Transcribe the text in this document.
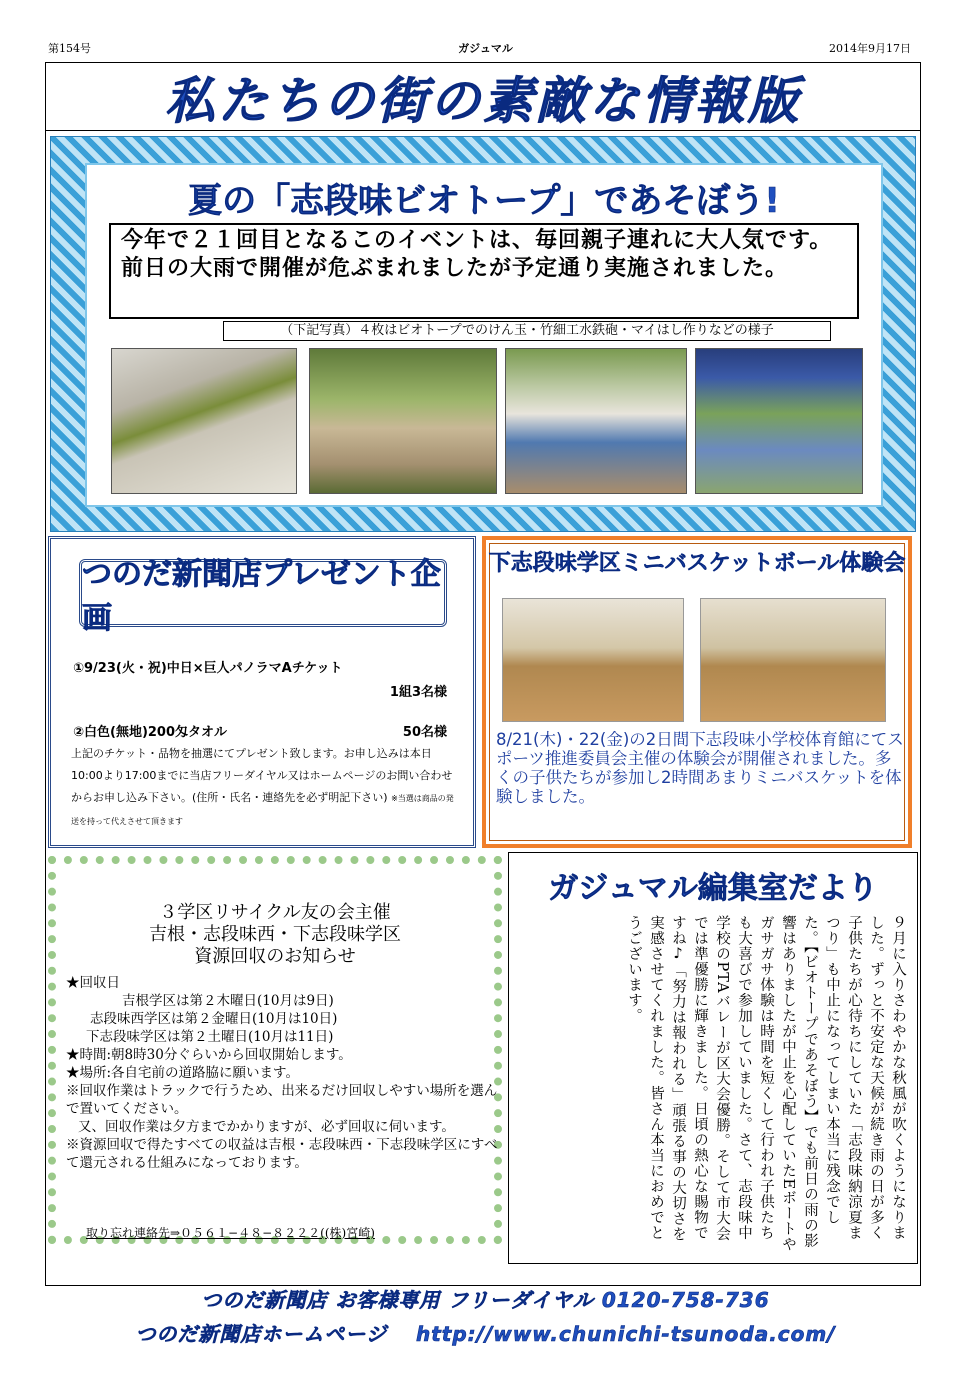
第154号	ガジュマル	2014年9月17日
私たちの街の素敵な情報版
夏の「志段味ビオトープ」であそぼう!
今年で２１回目となるこのイベントは、毎回親子連れに大人気です。前日の大雨で開催が危ぶまれましたが予定通り実施されました。
（下記写真）４枚はビオトープでのけん玉・竹細工水鉄砲・マイはし作りなどの様子
つのだ新聞店プレゼント企画
①9/23(火・祝)中日×巨人パノラマAチケット
1組3名様
②白色(無地)200匁タオル	50名様
上記のチケット・品物を抽選にてプレゼント致します。お申し込みは本日10:00より17:00までに当店フリーダイヤル又はホームページのお問い合わせからお申し込み下さい。(住所・氏名・連絡先を必ず明記下さい) ※当選は商品の発送を持って代えさせて頂きます
下志段味学区ミニバスケットボール体験会
8/21(木)・22(金)の2日間下志段味小学校体育館にてスポーツ推進委員会主催の体験会が開催されました。多くの子供たちが参加し2時間あまりミニバスケットを体験しました。
３学区リサイクル友の会主催
吉根・志段味西・下志段味学区
資源回収のお知らせ
★回収日
吉根学区は第２木曜日(10月は9日)
志段味西学区は第２金曜日(10月は10日)
下志段味学区は第２土曜日(10月は11日)
★時間:朝8時30分ぐらいから回収開始します。
★場所:各自宅前の道路脇に願います。
※回収作業はトラックで行うため、出来るだけ回収しやすい場所を選んで置いてください。
又、回収作業は夕方までかかりますが、必ず回収に伺います。
※資源回収で得たすべての収益は吉根・志段味西・下志段味学区にすべて還元される仕組みになっております。
取り忘れ連絡先⇒０５６１−４８−８２２２((株)宮崎)
ガジュマル編集室だより
９月に入りさわやかな秋風が吹くようになりました。ずっと不安定な天候が続き雨の日が多く子供たちが心待ちにしていた「志段味納涼夏まつり」も中止になってしまい本当に残念でした。【ビオトープであそぼう】でも前日の雨の影響はありましたが中止を心配していたEボートやガサガサ体験は時間を短くして行われ子供たちも大喜びで参加していました。さて、志段味中学校のPTAバレーが区大会優勝。そして市大会では準優勝に輝きました。日頃の熱心な賜物ですね♪「努力は報われる」頑張る事の大切さを実感させてくれました。皆さん本当におめでとうございます。
つのだ新聞店 お客様専用 フリーダイヤル 0120-758-736
つのだ新聞店ホームページ　 http://www.chunichi-tsunoda.com/
